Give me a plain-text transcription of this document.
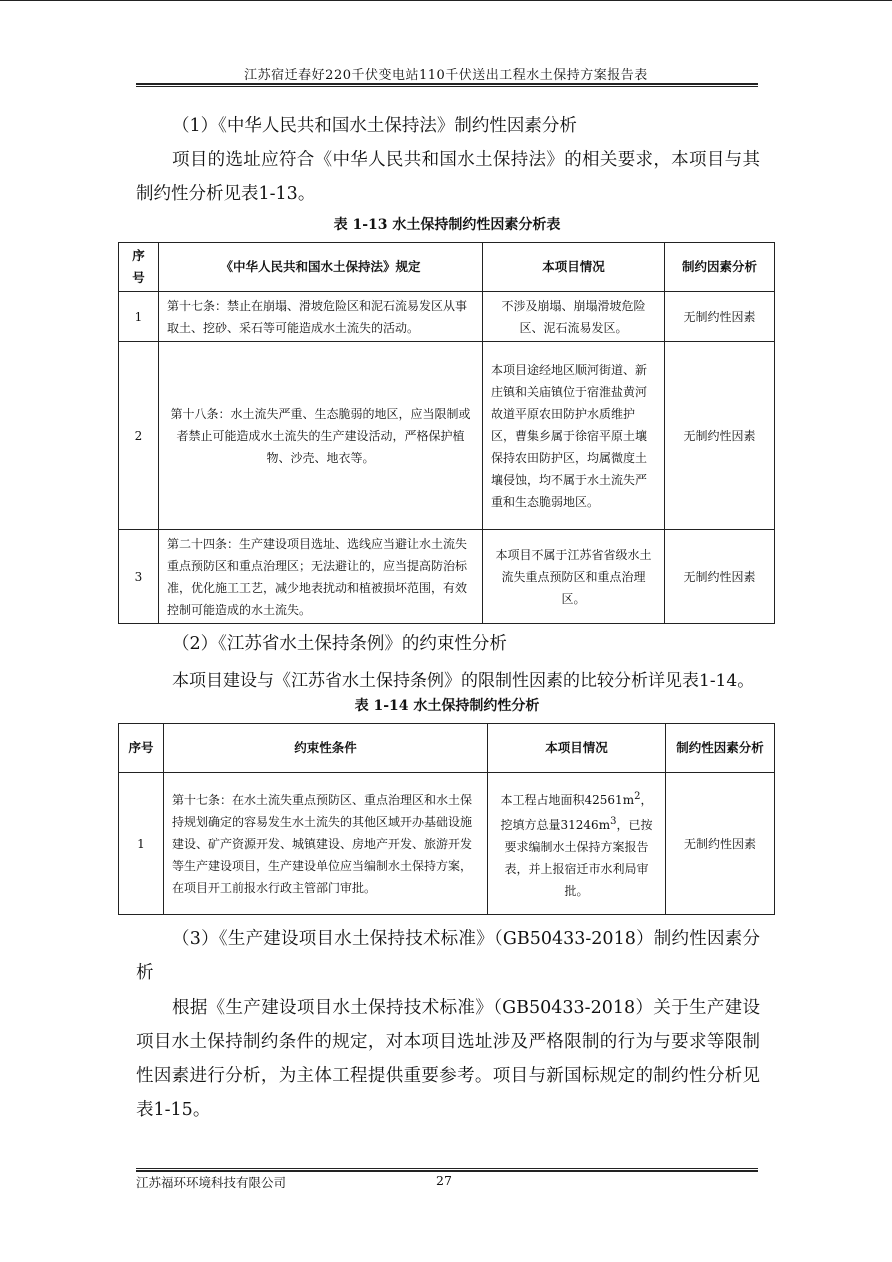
江苏宿迁春好220千伏变电站110千伏送出工程水土保持方案报告表

（1）《中华人民共和国水土保持法》制约性因素分析

项目的选址应符合《中华人民共和国水土保持法》的相关要求，本项目与其制约性分析见表1-13。

表 1-13 水土保持制约性因素分析表
序号	《中华人民共和国水土保持法》规定	本项目情况	制约因素分析
1	第十七条：禁止在崩塌、滑坡危险区和泥石流易发区从事取土、挖砂、采石等可能造成水土流失的活动。	不涉及崩塌、崩塌滑坡危险区、泥石流易发区。	无制约性因素
2	第十八条：水土流失严重、生态脆弱的地区，应当限制或者禁止可能造成水土流失的生产建设活动，严格保护植物、沙壳、地衣等。	本项目途经地区顺河街道、新庄镇和关庙镇位于宿淮盐黄河故道平原农田防护水质维护区，曹集乡属于徐宿平原土壤保持农田防护区，均属微度土壤侵蚀，均不属于水土流失严重和生态脆弱地区。	无制约性因素
3	第二十四条：生产建设项目选址、选线应当避让水土流失重点预防区和重点治理区；无法避让的，应当提高防治标准，优化施工工艺，减少地表扰动和植被损坏范围，有效控制可能造成的水土流失。	本项目不属于江苏省省级水土流失重点预防区和重点治理区。	无制约性因素

（2）《江苏省水土保持条例》的约束性分析

本项目建设与《江苏省水土保持条例》的限制性因素的比较分析详见表1-14。

表 1-14 水土保持制约性分析
序号	约束性条件	本项目情况	制约性因素分析
1	第十七条：在水土流失重点预防区、重点治理区和水土保持规划确定的容易发生水土流失的其他区域开办基础设施建设、矿产资源开发、城镇建设、房地产开发、旅游开发等生产建设项目，生产建设单位应当编制水土保持方案，在项目开工前报水行政主管部门审批。	本工程占地面积$42561m^2$，挖填方总量$31246m^3$，已按要求编制水土保持方案报告表，并上报宿迁市水利局审批。	无制约性因素

（3）《生产建设项目水土保持技术标准》（GB50433-2018）制约性因素分析

根据《生产建设项目水土保持技术标准》（GB50433-2018）关于生产建设项目水土保持制约条件的规定，对本项目选址涉及严格限制的行为与要求等限制性因素进行分析，为主体工程提供重要参考。项目与新国标规定的制约性分析见表1-15。

江苏福环环境科技有限公司	27
